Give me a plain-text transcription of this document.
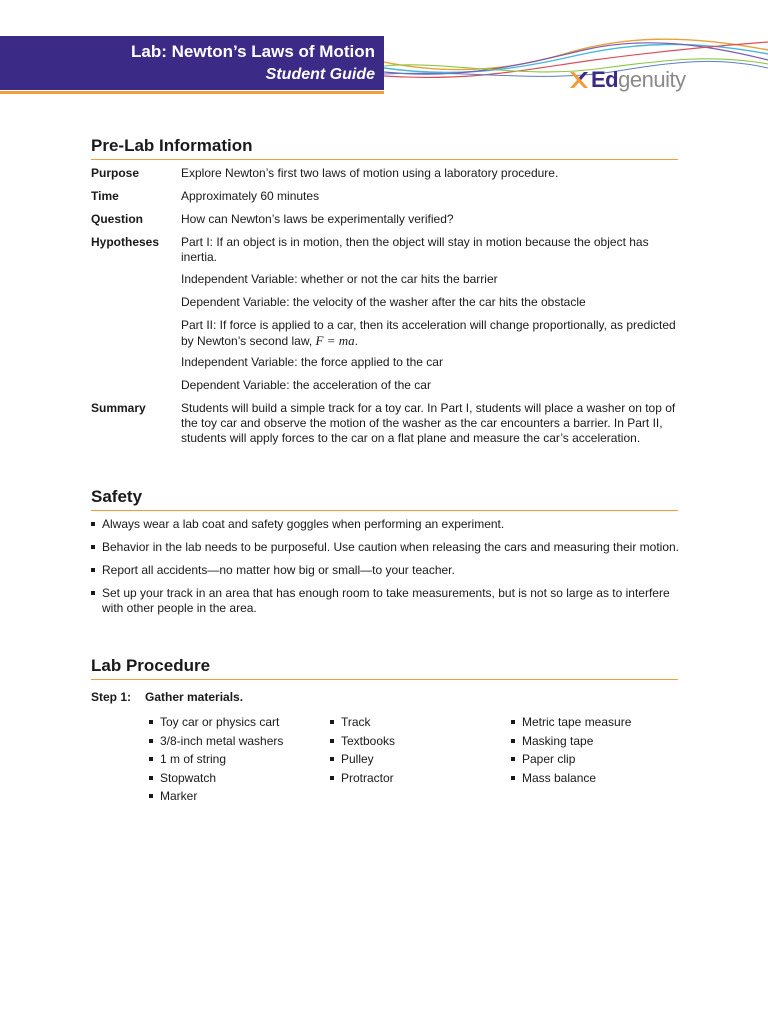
Lab: Newton’s Laws of Motion
Student Guide	Edgenuity
Pre-Lab Information
Purpose	Explore Newton’s first two laws of motion using a laboratory procedure.
Time	Approximately 60 minutes
Question	How can Newton’s laws be experimentally verified?
Hypotheses	Part I: If an object is in motion, then the object will stay in motion because the object has inertia.
Independent Variable: whether or not the car hits the barrier
Dependent Variable: the velocity of the washer after the car hits the obstacle
Part II: If force is applied to a car, then its acceleration will change proportionally, as predicted by Newton’s second law, F = ma.
Independent Variable: the force applied to the car
Dependent Variable: the acceleration of the car
Summary	Students will build a simple track for a toy car. In Part I, students will place a washer on top of the toy car and observe the motion of the washer as the car encounters a barrier. In Part II, students will apply forces to the car on a flat plane and measure the car’s acceleration.
Safety
Always wear a lab coat and safety goggles when performing an experiment.
Behavior in the lab needs to be purposeful. Use caution when releasing the cars and measuring their motion.
Report all accidents—no matter how big or small—to your teacher.
Set up your track in an area that has enough room to take measurements, but is not so large as to interfere with other people in the area.
Lab Procedure
Step 1: Gather materials.
Toy car or physics cart
3/8-inch metal washers
1 m of string
Stopwatch
Marker
Track
Textbooks
Pulley
Protractor
Metric tape measure
Masking tape
Paper clip
Mass balance
